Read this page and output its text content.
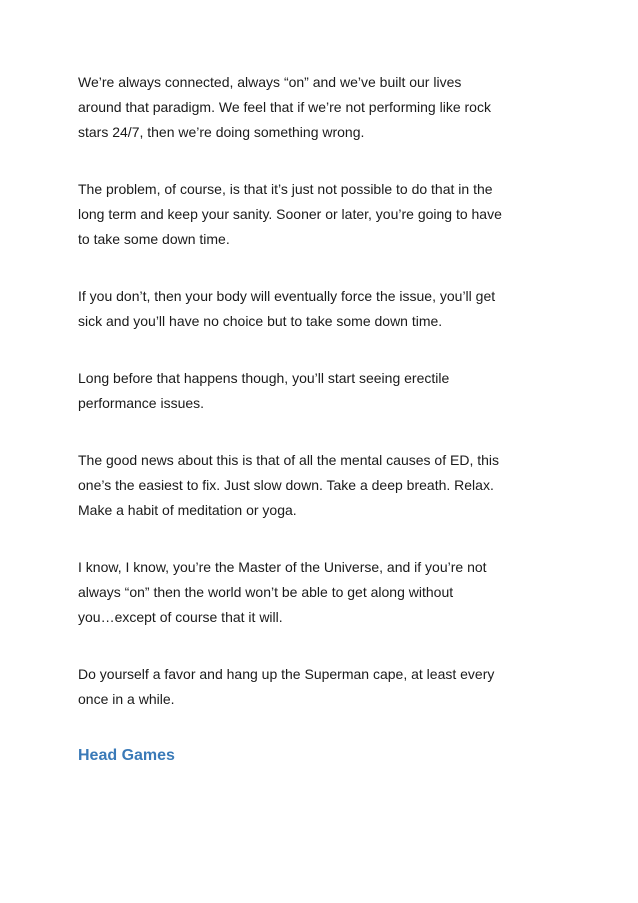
We’re always connected, always “on” and we’ve built our lives
around that paradigm. We feel that if we’re not performing like rock
stars 24/7, then we’re doing something wrong.

The problem, of course, is that it’s just not possible to do that in the
long term and keep your sanity. Sooner or later, you’re going to have
to take some down time.

If you don’t, then your body will eventually force the issue, you’ll get
sick and you’ll have no choice but to take some down time.

Long before that happens though, you’ll start seeing erectile
performance issues.

The good news about this is that of all the mental causes of ED, this
one’s the easiest to fix. Just slow down. Take a deep breath. Relax.
Make a habit of meditation or yoga.

I know, I know, you’re the Master of the Universe, and if you’re not
always “on” then the world won’t be able to get along without
you…except of course that it will.

Do yourself a favor and hang up the Superman cape, at least every
once in a while.

Head Games
